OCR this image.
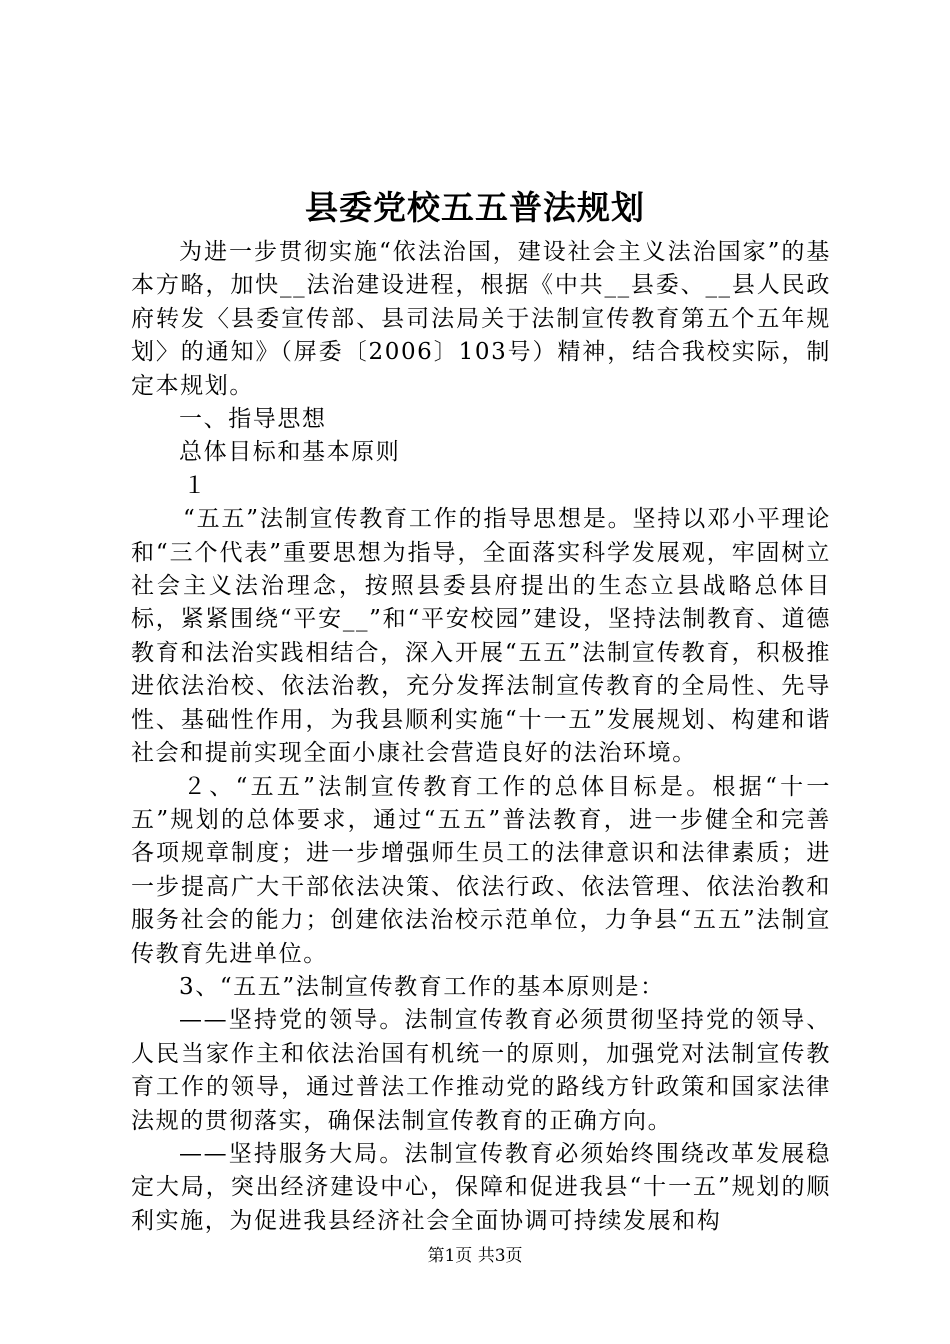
县委党校五五普法规划

为进一步贯彻实施“依法治国，建设社会主义法治国家”的基本方略，加快__法治建设进程，根据《中共__县委、__县人民政府转发〈县委宣传部、县司法局关于法制宣传教育第五个五年规划〉的通知》（屏委〔2006〕103号）精神，结合我校实际，制定本规划。

一、指导思想

总体目标和基本原则

１

“五五”法制宣传教育工作的指导思想是。坚持以邓小平理论和“三个代表”重要思想为指导，全面落实科学发展观，牢固树立社会主义法治理念，按照县委县府提出的生态立县战略总体目标，紧紧围绕“平安__”和“平安校园”建设，坚持法制教育、道德教育和法治实践相结合，深入开展“五五”法制宣传教育，积极推进依法治校、依法治教，充分发挥法制宣传教育的全局性、先导性、基础性作用，为我县顺利实施“十一五”发展规划、构建和谐社会和提前实现全面小康社会营造良好的法治环境。

２、“五五”法制宣传教育工作的总体目标是。根据“十一五”规划的总体要求，通过“五五”普法教育，进一步健全和完善各项规章制度；进一步增强师生员工的法律意识和法律素质；进一步提高广大干部依法决策、依法行政、依法管理、依法治教和服务社会的能力；创建依法治校示范单位，力争县“五五”法制宣传教育先进单位。

3、“五五”法制宣传教育工作的基本原则是：

——坚持党的领导。法制宣传教育必须贯彻坚持党的领导、人民当家作主和依法治国有机统一的原则，加强党对法制宣传教育工作的领导，通过普法工作推动党的路线方针政策和国家法律法规的贯彻落实，确保法制宣传教育的正确方向。

——坚持服务大局。法制宣传教育必须始终围绕改革发展稳定大局，突出经济建设中心，保障和促进我县“十一五”规划的顺利实施，为促进我县经济社会全面协调可持续发展和构

第1页 共3页
